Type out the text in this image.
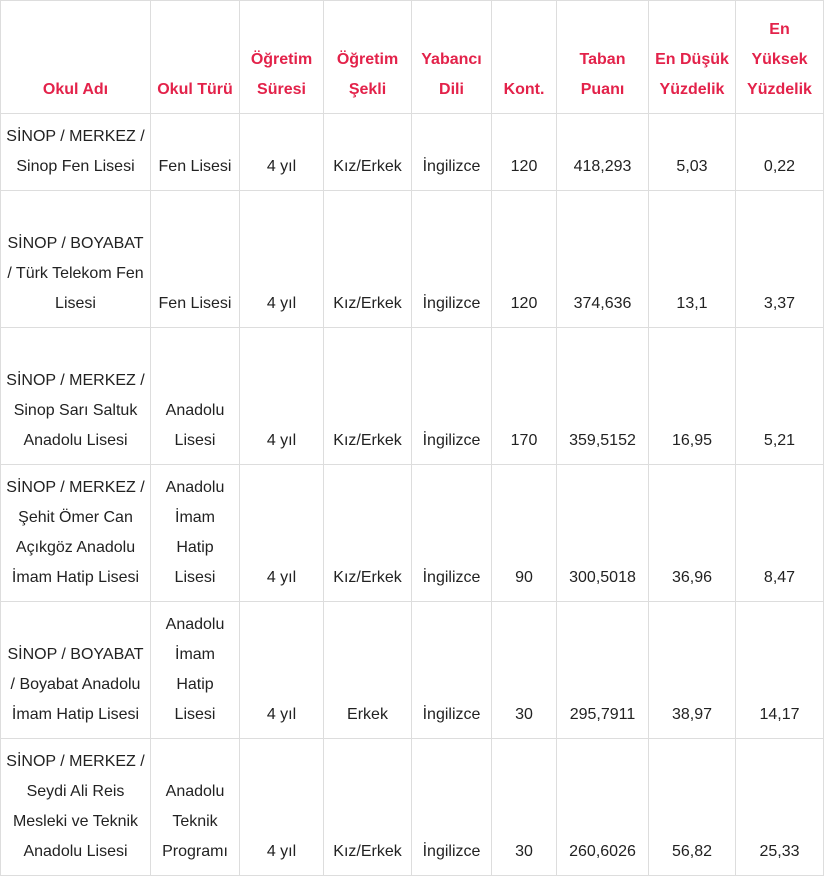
Okul Adı	Okul Türü	Öğretim Süresi	Öğretim Şekli	Yabancı Dili	Kont.	Taban Puanı	En Düşük Yüzdelik	En Yüksek Yüzdelik
SİNOP / MERKEZ / Sinop Fen Lisesi	Fen Lisesi	4 yıl	Kız/Erkek	İngilizce	120	418,293	5,03	0,22
SİNOP / BOYABAT / Türk Telekom Fen Lisesi	Fen Lisesi	4 yıl	Kız/Erkek	İngilizce	120	374,636	13,1	3,37
SİNOP / MERKEZ / Sinop Sarı Saltuk Anadolu Lisesi	Anadolu Lisesi	4 yıl	Kız/Erkek	İngilizce	170	359,5152	16,95	5,21
SİNOP / MERKEZ / Şehit Ömer Can Açıkgöz Anadolu İmam Hatip Lisesi	Anadolu İmam Hatip Lisesi	4 yıl	Kız/Erkek	İngilizce	90	300,5018	36,96	8,47
SİNOP / BOYABAT / Boyabat Anadolu İmam Hatip Lisesi	Anadolu İmam Hatip Lisesi	4 yıl	Erkek	İngilizce	30	295,7911	38,97	14,17
SİNOP / MERKEZ / Seydi Ali Reis Mesleki ve Teknik Anadolu Lisesi	Anadolu Teknik Programı	4 yıl	Kız/Erkek	İngilizce	30	260,6026	56,82	25,33
